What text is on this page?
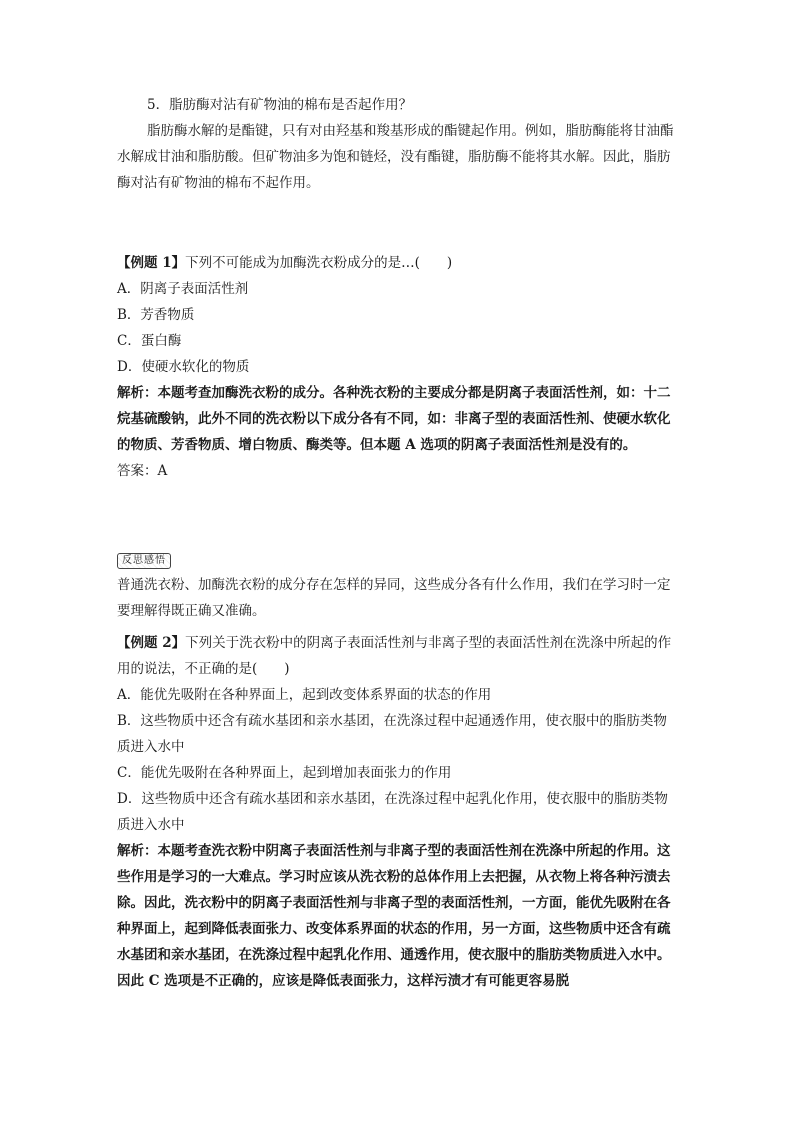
5．脂肪酶对沾有矿物油的棉布是否起作用？

脂肪酶水解的是酯键，只有对由羟基和羧基形成的酯键起作用。例如，脂肪酶能将甘油酯水解成甘油和脂肪酸。但矿物油多为饱和链烃，没有酯键，脂肪酶不能将其水解。因此，脂肪酶对沾有矿物油的棉布不起作用。

【例题 1】下列不可能成为加酶洗衣粉成分的是…(　　)

A．阴离子表面活性剂

B．芳香物质

C．蛋白酶

D．使硬水软化的物质

解析：本题考查加酶洗衣粉的成分。各种洗衣粉的主要成分都是阴离子表面活性剂，如：十二烷基硫酸钠，此外不同的洗衣粉以下成分各有不同，如：非离子型的表面活性剂、使硬水软化的物质、芳香物质、增白物质、酶类等。但本题 A 选项的阴离子表面活性剂是没有的。

答案：A

反思感悟

普通洗衣粉、加酶洗衣粉的成分存在怎样的异同，这些成分各有什么作用，我们在学习时一定要理解得既正确又准确。

【例题 2】下列关于洗衣粉中的阴离子表面活性剂与非离子型的表面活性剂在洗涤中所起的作用的说法，不正确的是(　　)

A．能优先吸附在各种界面上，起到改变体系界面的状态的作用

B．这些物质中还含有疏水基团和亲水基团，在洗涤过程中起通透作用，使衣服中的脂肪类物质进入水中

C．能优先吸附在各种界面上，起到增加表面张力的作用

D．这些物质中还含有疏水基团和亲水基团，在洗涤过程中起乳化作用，使衣服中的脂肪类物质进入水中

解析：本题考查洗衣粉中阴离子表面活性剂与非离子型的表面活性剂在洗涤中所起的作用。这些作用是学习的一大难点。学习时应该从洗衣粉的总体作用上去把握，从衣物上将各种污渍去除。因此，洗衣粉中的阴离子表面活性剂与非离子型的表面活性剂，一方面，能优先吸附在各种界面上，起到降低表面张力、改变体系界面的状态的作用，另一方面，这些物质中还含有疏水基团和亲水基团，在洗涤过程中起乳化作用、通透作用，使衣服中的脂肪类物质进入水中。因此 C 选项是不正确的，应该是降低表面张力，这样污渍才有可能更容易脱
